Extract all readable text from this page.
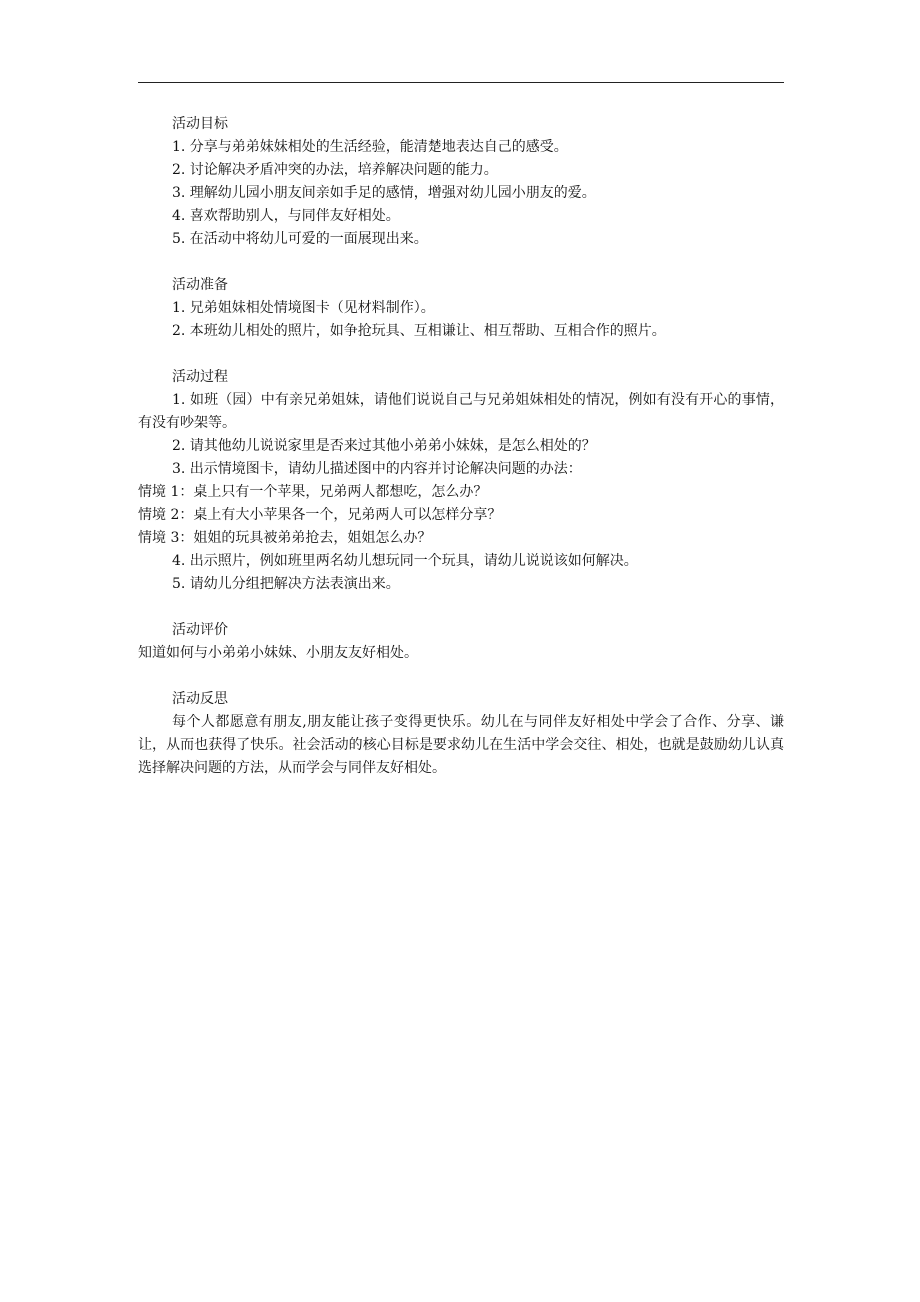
活动目标

1. 分享与弟弟妹妹相处的生活经验，能清楚地表达自己的感受。

2. 讨论解决矛盾冲突的办法，培养解决问题的能力。

3. 理解幼儿园小朋友间亲如手足的感情，增强对幼儿园小朋友的爱。

4. 喜欢帮助别人，与同伴友好相处。

5. 在活动中将幼儿可爱的一面展现出来。

活动准备

1. 兄弟姐妹相处情境图卡（见材料制作）。

2. 本班幼儿相处的照片，如争抢玩具、互相谦让、相互帮助、互相合作的照片。

活动过程

1. 如班（园）中有亲兄弟姐妹，请他们说说自己与兄弟姐妹相处的情况，例如有没有开心的事情，有没有吵架等。

2. 请其他幼儿说说家里是否来过其他小弟弟小妹妹，是怎么相处的？

3. 出示情境图卡，请幼儿描述图中的内容并讨论解决问题的办法：

情境 1：桌上只有一个苹果，兄弟两人都想吃，怎么办？

情境 2：桌上有大小苹果各一个，兄弟两人可以怎样分享？

情境 3：姐姐的玩具被弟弟抢去，姐姐怎么办？

4. 出示照片，例如班里两名幼儿想玩同一个玩具，请幼儿说说该如何解决。

5. 请幼儿分组把解决方法表演出来。

活动评价

知道如何与小弟弟小妹妹、小朋友友好相处。

活动反思

每个人都愿意有朋友,朋友能让孩子变得更快乐。幼儿在与同伴友好相处中学会了合作、分享、谦让，从而也获得了快乐。社会活动的核心目标是要求幼儿在生活中学会交往、相处，也就是鼓励幼儿认真选择解决问题的方法，从而学会与同伴友好相处。
